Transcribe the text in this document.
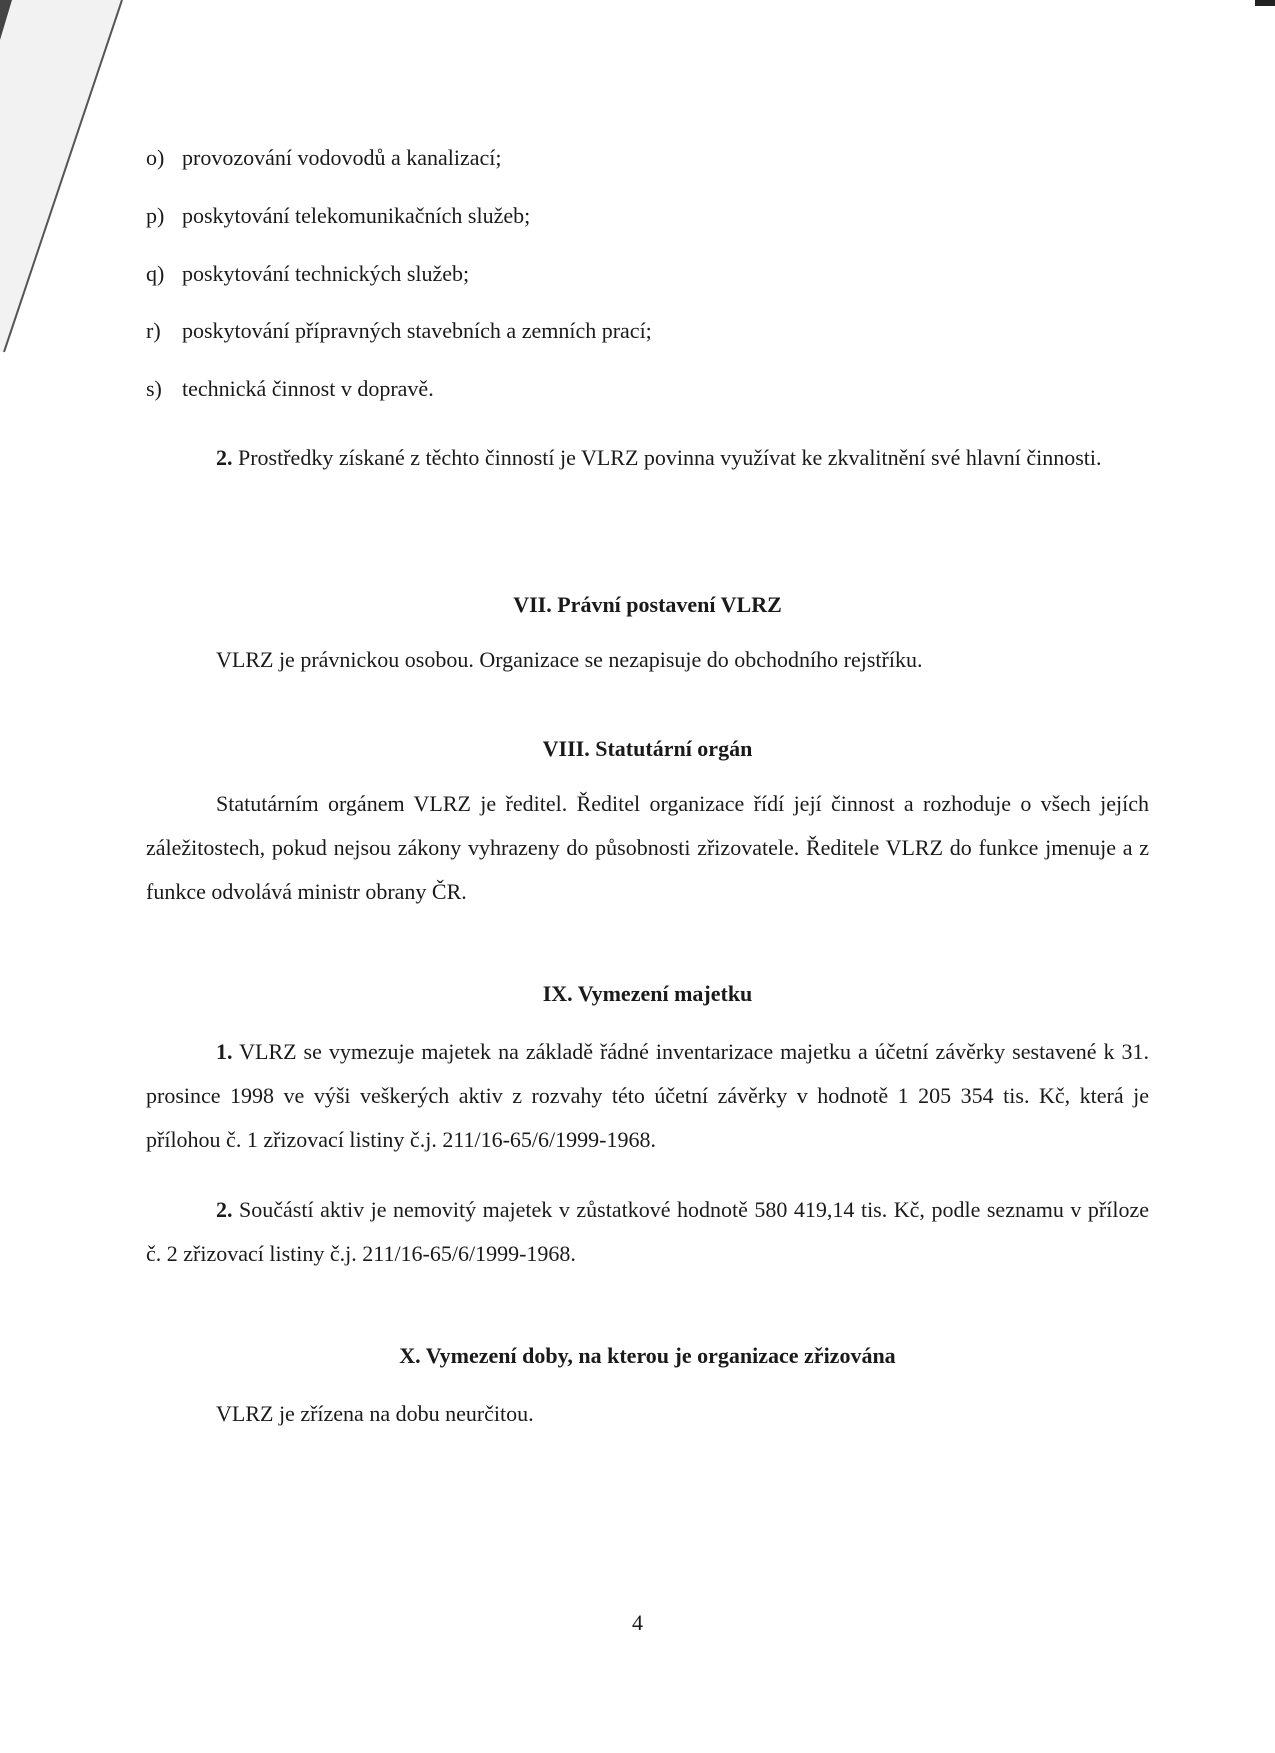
o) provozování vodovodů a kanalizací;
p) poskytování telekomunikačních služeb;
q) poskytování technických služeb;
r) poskytování přípravných stavebních a zemních prací;
s) technická činnost v dopravě.
2. Prostředky získané z těchto činností je VLRZ povinna využívat ke zkvalitnění své hlavní činnosti.
VII. Právní postavení VLRZ
VLRZ je právnickou osobou. Organizace se nezapisuje do obchodního rejstříku.
VIII. Statutární orgán
Statutárním orgánem VLRZ je ředitel. Ředitel organizace řídí její činnost a rozhoduje o všech jejích záležitostech, pokud nejsou zákony vyhrazeny do působnosti zřizovatele. Ředitele VLRZ do funkce jmenuje a z funkce odvolává ministr obrany ČR.
IX. Vymezení majetku
1. VLRZ se vymezuje majetek na základě řádné inventarizace majetku a účetní závěrky sestavené k 31. prosince 1998 ve výši veškerých aktiv z rozvahy této účetní závěrky v hodnotě 1 205 354 tis. Kč, která je přílohou č. 1 zřizovací listiny č.j. 211/16-65/6/1999-1968.
2. Součástí aktiv je nemovitý majetek v zůstatkové hodnotě 580 419,14 tis. Kč, podle seznamu v příloze č. 2 zřizovací listiny č.j. 211/16-65/6/1999-1968.
X. Vymezení doby, na kterou je organizace zřizována
VLRZ je zřízena na dobu neurčitou.
4
